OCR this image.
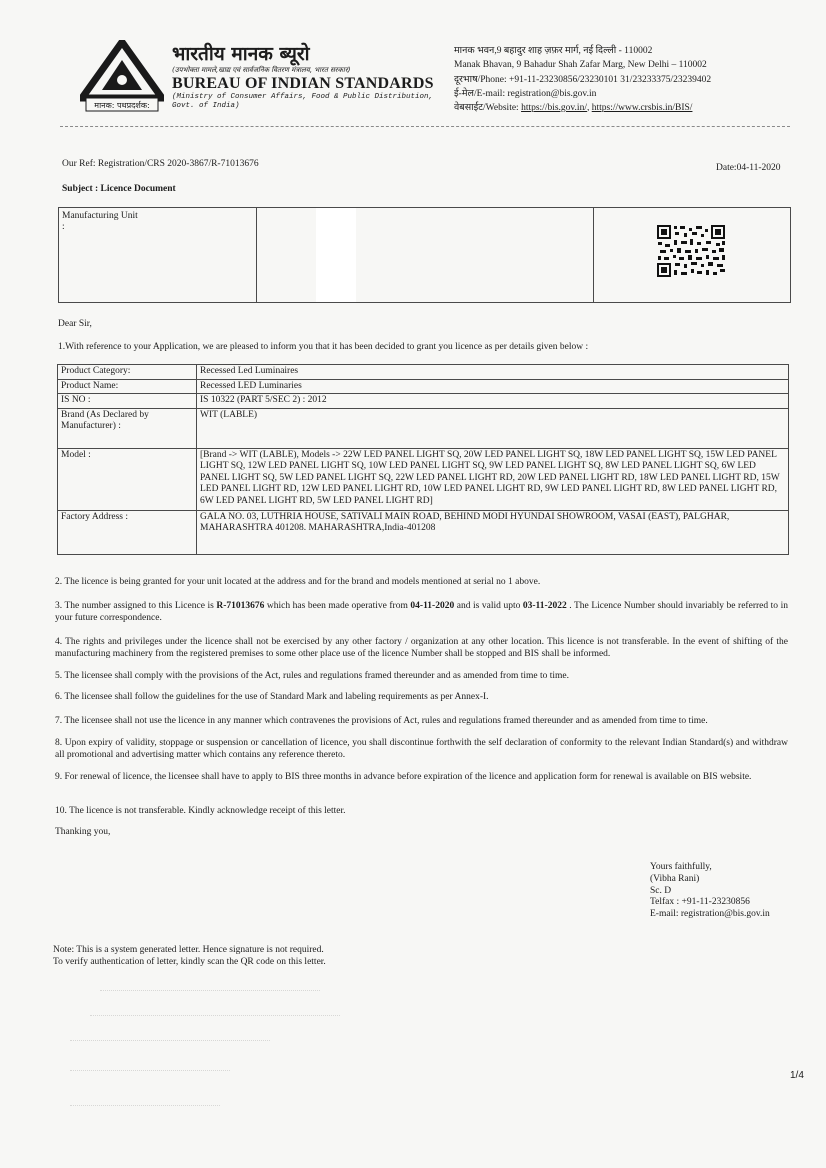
मानक: पथप्रदर्शक:
भारतीय मानक ब्यूरो
(उपभोक्ता मामले,खाद्य एवं सार्वजनिक वितरण मंत्रालय, भारत सरकार)
BUREAU OF INDIAN STANDARDS
(Ministry of Consumer Affairs, Food & Public Distribution, Govt. of India)
मानक भवन,9 बहादुर शाह ज़फ़र मार्ग, नई दिल्ली - 110002
Manak Bhavan, 9 Bahadur Shah Zafar Marg, New Delhi – 110002
दूरभाष/Phone: +91-11-23230856/23230101 31/23233375/23239402
ई-मेल/E-mail: registration@bis.gov.in
वेबसाईट/Website: https://bis.gov.in/, https://www.crsbis.in/BIS/
Our Ref: Registration/CRS 2020-3867/R-71013676	Date:04-11-2020
Subject : Licence Document
Manufacturing Unit :
Dear Sir,
1.With reference to your Application, we are pleased to inform you that it has been decided to grant you licence as per details given below :
Product Category:	Recessed Led Luminaires
Product Name:	Recessed LED Luminaries
IS NO :	IS 10322 (PART 5/SEC 2) : 2012
Brand (As Declared by Manufacturer) :	WIT (LABLE)
Model :	[Brand -> WIT (LABLE), Models -> 22W LED PANEL LIGHT SQ, 20W LED PANEL LIGHT SQ, 18W LED PANEL LIGHT SQ, 15W LED PANEL LIGHT SQ, 12W LED PANEL LIGHT SQ, 10W LED PANEL LIGHT SQ, 9W LED PANEL LIGHT SQ, 8W LED PANEL LIGHT SQ, 6W LED PANEL LIGHT SQ, 5W LED PANEL LIGHT SQ, 22W LED PANEL LIGHT RD, 20W LED PANEL LIGHT RD, 18W LED PANEL LIGHT RD, 15W LED PANEL LIGHT RD, 12W LED PANEL LIGHT RD, 10W LED PANEL LIGHT RD, 9W LED PANEL LIGHT RD, 8W LED PANEL LIGHT RD, 6W LED PANEL LIGHT RD, 5W LED PANEL LIGHT RD]
Factory Address :	GALA NO. 03, LUTHRIA HOUSE, SATIVALI MAIN ROAD, BEHIND MODI HYUNDAI SHOWROOM, VASAI (EAST), PALGHAR, MAHARASHTRA 401208. MAHARASHTRA,India-401208
2. The licence is being granted for your unit located at the address and for the brand and models mentioned at serial no 1 above.
3. The number assigned to this Licence is R-71013676 which has been made operative from 04-11-2020 and is valid upto 03-11-2022 . The Licence Number should invariably be referred to in your future correspondence.
4. The rights and privileges under the licence shall not be exercised by any other factory / organization at any other location. This licence is not transferable. In the event of shifting of the manufacturing machinery from the registered premises to some other place use of the licence Number shall be stopped and BIS shall be informed.
5. The licensee shall comply with the provisions of the Act, rules and regulations framed thereunder and as amended from time to time.
6. The licensee shall follow the guidelines for the use of Standard Mark and labeling requirements as per Annex-I.
7. The licensee shall not use the licence in any manner which contravenes the provisions of Act, rules and regulations framed thereunder and as amended from time to time.
8. Upon expiry of validity, stoppage or suspension or cancellation of licence, you shall discontinue forthwith the self declaration of conformity to the relevant Indian Standard(s) and withdraw all promotional and advertising matter which contains any reference thereto.
9. For renewal of licence, the licensee shall have to apply to BIS three months in advance before expiration of the licence and application form for renewal is available on BIS website.
10. The licence is not transferable. Kindly acknowledge receipt of this letter.
Thanking you,
Yours faithfully,
(Vibha Rani)
Sc. D
Telfax : +91-11-23230856
E-mail: registration@bis.gov.in
Note: This is a system generated letter. Hence signature is not required.
To verify authentication of letter, kindly scan the QR code on this letter.
1/4
